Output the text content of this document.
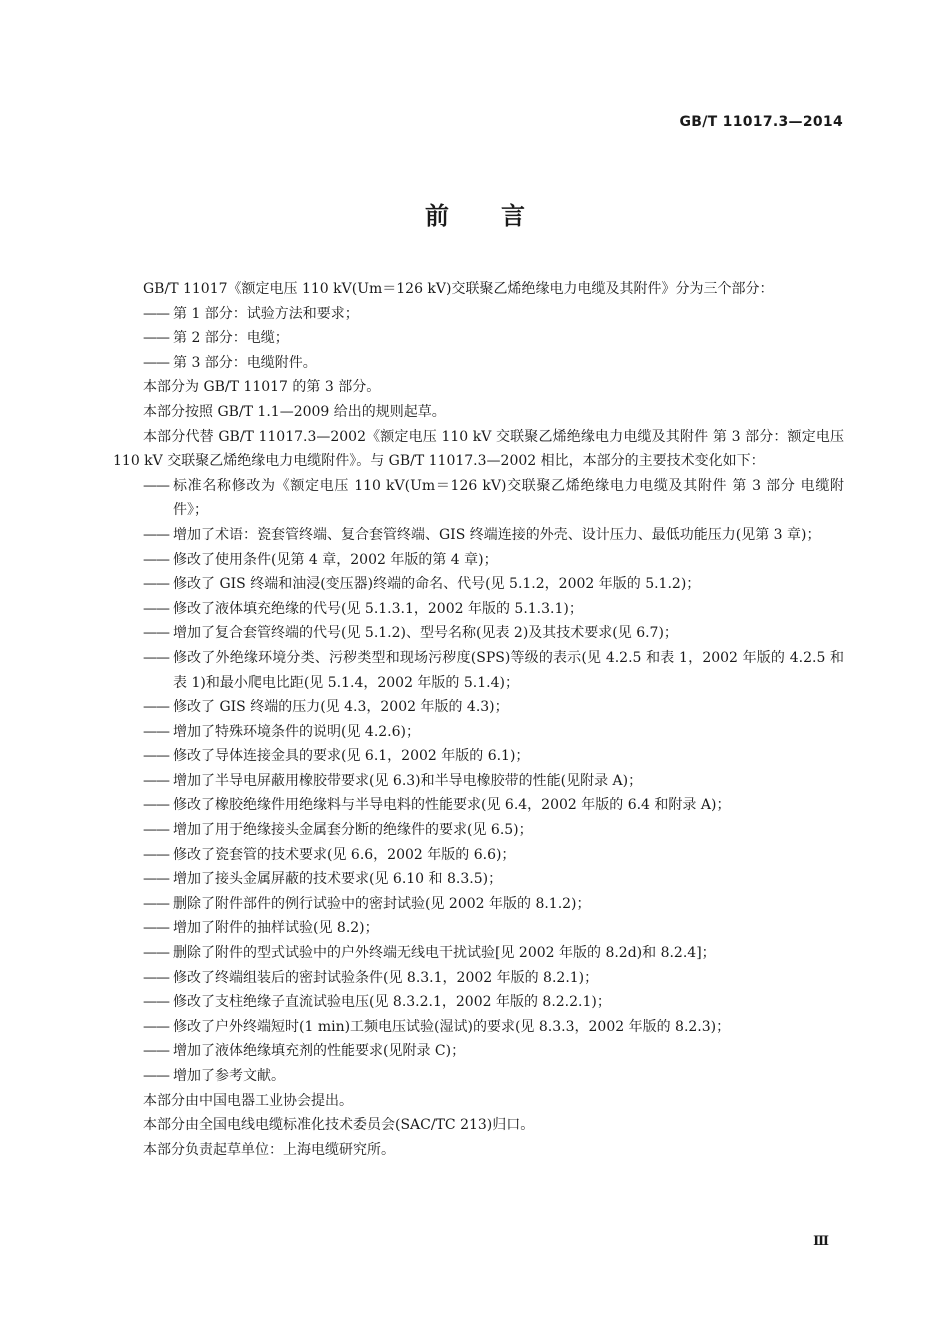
GB/T 11017.3—2014
前 言

GB/T 11017《额定电压 110 kV(Um＝126 kV)交联聚乙烯绝缘电力电缆及其附件》分为三个部分：

—— 第 1 部分：试验方法和要求；

—— 第 2 部分：电缆；

—— 第 3 部分：电缆附件。

本部分为 GB/T 11017 的第 3 部分。

本部分按照 GB/T 1.1—2009 给出的规则起草。

本部分代替 GB/T 11017.3—2002《额定电压 110 kV 交联聚乙烯绝缘电力电缆及其附件 第 3 部分：额定电压 110 kV 交联聚乙烯绝缘电力电缆附件》。与 GB/T 11017.3—2002 相比，本部分的主要技术变化如下：

—— 标准名称修改为《额定电压 110 kV(Um＝126 kV)交联聚乙烯绝缘电力电缆及其附件 第 3 部分 电缆附件》；

—— 增加了术语：瓷套管终端、复合套管终端、GIS 终端连接的外壳、设计压力、最低功能压力(见第 3 章)；

—— 修改了使用条件(见第 4 章，2002 年版的第 4 章)；

—— 修改了 GIS 终端和油浸(变压器)终端的命名、代号(见 5.1.2，2002 年版的 5.1.2)；

—— 修改了液体填充绝缘的代号(见 5.1.3.1，2002 年版的 5.1.3.1)；

—— 增加了复合套管终端的代号(见 5.1.2)、型号名称(见表 2)及其技术要求(见 6.7)；

—— 修改了外绝缘环境分类、污秽类型和现场污秽度(SPS)等级的表示(见 4.2.5 和表 1，2002 年版的 4.2.5 和表 1)和最小爬电比距(见 5.1.4，2002 年版的 5.1.4)；

—— 修改了 GIS 终端的压力(见 4.3，2002 年版的 4.3)；

—— 增加了特殊环境条件的说明(见 4.2.6)；

—— 修改了导体连接金具的要求(见 6.1，2002 年版的 6.1)；

—— 增加了半导电屏蔽用橡胶带要求(见 6.3)和半导电橡胶带的性能(见附录 A)；

—— 修改了橡胶绝缘件用绝缘料与半导电料的性能要求(见 6.4，2002 年版的 6.4 和附录 A)；

—— 增加了用于绝缘接头金属套分断的绝缘件的要求(见 6.5)；

—— 修改了瓷套管的技术要求(见 6.6，2002 年版的 6.6)；

—— 增加了接头金属屏蔽的技术要求(见 6.10 和 8.3.5)；

—— 删除了附件部件的例行试验中的密封试验(见 2002 年版的 8.1.2)；

—— 增加了附件的抽样试验(见 8.2)；

—— 删除了附件的型式试验中的户外终端无线电干扰试验[见 2002 年版的 8.2d)和 8.2.4]；

—— 修改了终端组装后的密封试验条件(见 8.3.1，2002 年版的 8.2.1)；

—— 修改了支柱绝缘子直流试验电压(见 8.3.2.1，2002 年版的 8.2.2.1)；

—— 修改了户外终端短时(1 min)工频电压试验(湿试)的要求(见 8.3.3，2002 年版的 8.2.3)；

—— 增加了液体绝缘填充剂的性能要求(见附录 C)；

—— 增加了参考文献。

本部分由中国电器工业协会提出。

本部分由全国电线电缆标准化技术委员会(SAC/TC 213)归口。

本部分负责起草单位：上海电缆研究所。

Ⅲ
